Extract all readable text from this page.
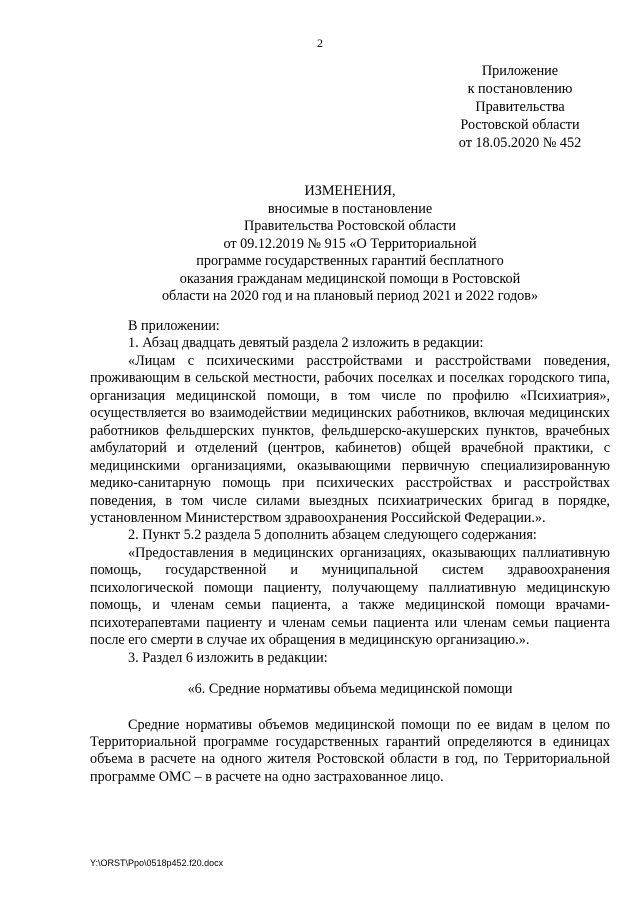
2
Приложение
к постановлению
Правительства
Ростовской области
от 18.05.2020 № 452
ИЗМЕНЕНИЯ,
вносимые в постановление
Правительства Ростовской области
от 09.12.2019 № 915 «О Территориальной
программе государственных гарантий бесплатного
оказания гражданам медицинской помощи в Ростовской
области на 2020 год и на плановый период 2021 и 2022 годов»

В приложении:

1. Абзац двадцать девятый раздела 2 изложить в редакции:

«Лицам с психическими расстройствами и расстройствами поведения, проживающим в сельской местности, рабочих поселках и поселках городского типа, организация медицинской помощи, в том числе по профилю «Психиатрия», осуществляется во взаимодействии медицинских работников, включая медицинских работников фельдшерских пунктов, фельдшерско-акушерских пунктов, врачебных амбулаторий и отделений (центров, кабинетов) общей врачебной практики, с медицинскими организациями, оказывающими первичную специализированную медико-санитарную помощь при психических расстройствах и расстройствах поведения, в том числе силами выездных психиатрических бригад в порядке, установленном Министерством здравоохранения Российской Федерации.».

2. Пункт 5.2 раздела 5 дополнить абзацем следующего содержания:

«Предоставления в медицинских организациях, оказывающих паллиативную помощь, государственной и муниципальной систем здравоохранения психологической помощи пациенту, получающему паллиативную медицинскую помощь, и членам семьи пациента, а также медицинской помощи врачами-психотерапевтами пациенту и членам семьи пациента или членам семьи пациента после его смерти в случае их обращения в медицинскую организацию.».

3. Раздел 6 изложить в редакции:

«6. Средние нормативы объема медицинской помощи

Средние нормативы объемов медицинской помощи по ее видам в целом по Территориальной программе государственных гарантий определяются в единицах объема в расчете на одного жителя Ростовской области в год, по Территориальной программе ОМС – в расчете на одно застрахованное лицо.

Y:\ORST\Ppo\0518p452.f20.docx
